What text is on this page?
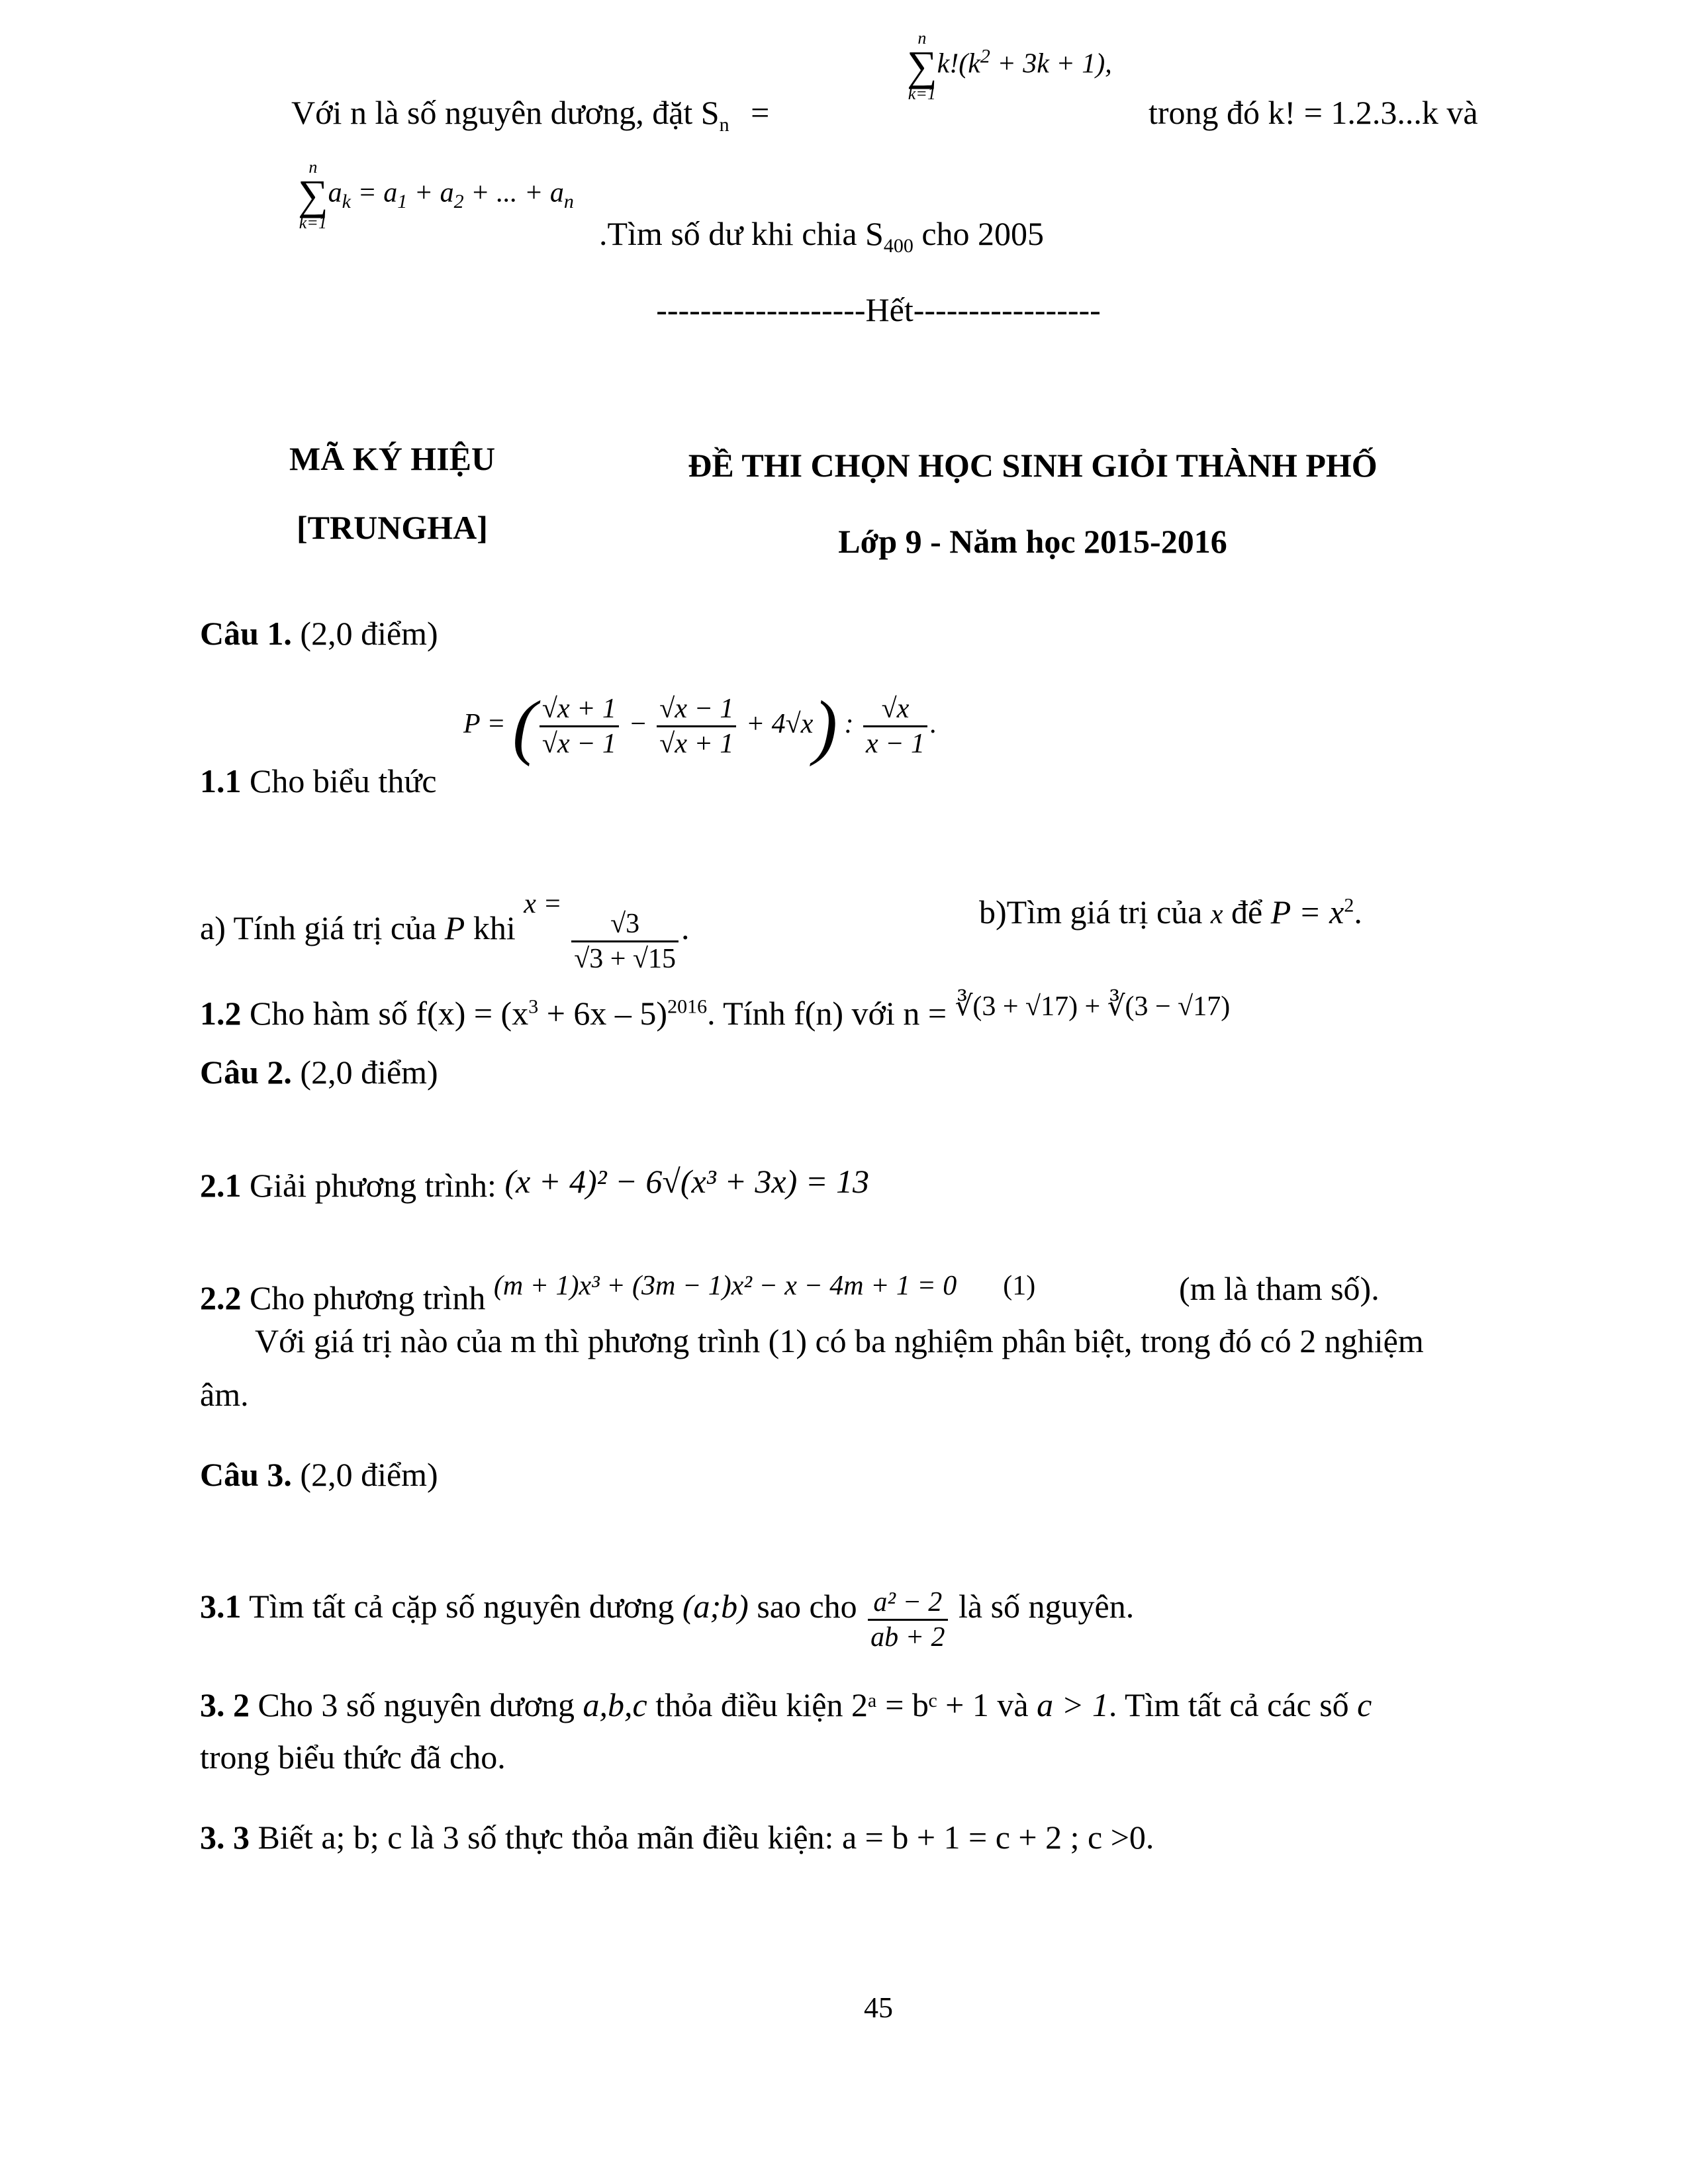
Với n là số nguyên dương, đặt $S_n$ =
n
∑
k=1
$k!(k^2 + 3k + 1)$,
trong đó k! = 1.2.3...k và
n
∑
k=1
$a_k = a_1 + a_2$ + ... + $a_n$
.Tìm số dư khi chia $S_{400}$ cho 2005
-------------------Hết-----------------
MÃ KÝ HIỆU
[TRUNGHA]
ĐỀ THI CHỌN HỌC SINH GIỎI THÀNH PHỐ
Lớp 9 - Năm học 2015-2016
Câu 1. (2,0 điểm)
1.1 Cho biểu thức
P = ( $\frac{√x + 1}{√x - 1} - \frac{√x - 1}{√x + 1} + 4√x$) : $\frac{√x}{x - 1}$ .
a) Tính giá trị của P khi $^{x =}$
$\frac{√3}{√3 + √15}$ .	b)Tìm giá trị của x để $P = x^2$.
1.2 Cho hàm số $f(x) = (x^3 + 6x - 5)^{2016}$. Tính f(n) với n = $^{∛(3 + √17) + ∛(3 - √17)}$
Câu 2. (2,0 điểm)
2.1 Giải phương trình: (x + 4)² − 6√(x³ + 3x) = 13
2.2 Cho phương trình $^{(m + 1)x^3 + (3m - 1)x^2 - x - 4m + 1 = 0}$ $^{(1)}$	(m là tham số).
Với giá trị nào của m thì phương trình (1) có ba nghiệm phân biệt, trong đó có 2 nghiệm
âm.
Câu 3. (2,0 điểm)
3.1 Tìm tất cả cặp số nguyên dương (a;b) sao cho $\frac{\text{a² − 2}}{ab + 2}$ là số nguyên.
3. 2 Cho 3 số nguyên dương a,b,c thỏa điều kiện 2ᵃ = bᶜ + 1 và a > 1. Tìm tất cả các số c
trong biểu thức đã cho.
3. 3 Biết a; b; c là 3 số thực thỏa mãn điều kiện: a = b + 1 = c + 2 ; c >0.
45
